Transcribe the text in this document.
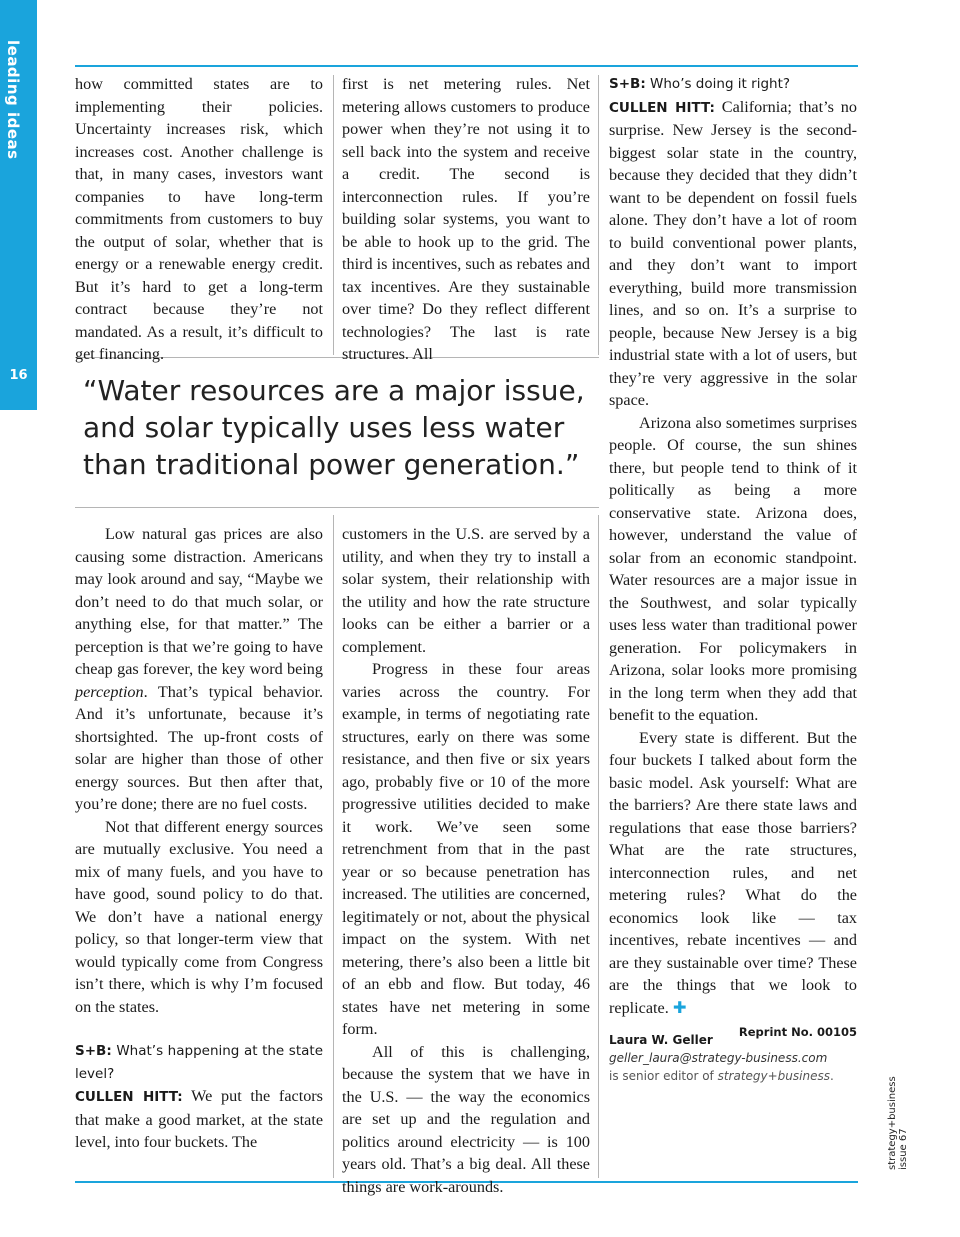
leading ideas
16

how committed states are to implementing their policies. Uncertainty increases risk, which increases cost. Another challenge is that, in many cases, investors want companies to have long-term commitments from customers to buy the output of solar, whether that is energy or a renewable energy credit. But it’s hard to get a long-term contract because they’re not mandated. As a result, it’s difficult to get financing.

first is net metering rules. Net metering allows customers to produce power when they’re not using it to sell back into the system and receive a credit. The second is interconnection rules. If you’re building solar systems, you want to be able to hook up to the grid. The third is incentives, such as rebates and tax incentives. Are they sustainable over time? Do they reflect different technologies? The last is rate structures. All

“Water resources are a major issue, and solar typically uses less water than traditional power generation.”

Low natural gas prices are also causing some distraction. Americans may look around and say, “Maybe we don’t need to do that much solar, or anything else, for that matter.” The perception is that we’re going to have cheap gas forever, the key word being perception. That’s typical behavior. And it’s unfortunate, because it’s shortsighted. The up-front costs of solar are higher than those of other energy sources. But then after that, you’re done; there are no fuel costs.

Not that different energy sources are mutually exclusive. You need a mix of many fuels, and you have to have good, sound policy to do that. We don’t have a national energy policy, so that longer-term view that would typically come from Congress isn’t there, which is why I’m focused on the states.

S+B: What’s happening at the state level?

CULLEN HITT: We put the factors that make a good market, at the state level, into four buckets. The

customers in the U.S. are served by a utility, and when they try to install a solar system, their relationship with the utility and how the rate structure looks can be either a barrier or a complement.

Progress in these four areas varies across the country. For example, in terms of negotiating rate structures, early on there was some resistance, and then five or six years ago, probably five or 10 of the more progressive utilities decided to make it work. We’ve seen some retrenchment from that in the past year or so because penetration has increased. The utilities are concerned, legitimately or not, about the physical impact on the system. With net metering, there’s also been a little bit of an ebb and flow. But today, 46 states have net metering in some form.

All of this is challenging, because the system that we have in the U.S. — the way the economics are set up and the regulation and politics around electricity — is 100 years old. That’s a big deal. All these things are work-arounds.

S+B: Who’s doing it right?

CULLEN HITT: California; that’s no surprise. New Jersey is the second-biggest solar state in the country, because they decided that they didn’t want to be dependent on fossil fuels alone. They don’t have a lot of room to build conventional power plants, and they don’t want to import everything, build more transmission lines, and so on. It’s a surprise to people, because New Jersey is a big industrial state with a lot of users, but they’re very aggressive in the solar space.

Arizona also sometimes surprises people. Of course, the sun shines there, but people tend to think of it politically as being a more conservative state. Arizona does, however, understand the value of solar from an economic standpoint. Water resources are a major issue in the Southwest, and solar typically uses less water than traditional power generation. For policymakers in Arizona, solar looks more promising in the long term when they add that benefit to the equation.

Every state is different. But the four buckets I talked about form the basic model. Ask yourself: What are the barriers? Are there state laws and regulations that ease those barriers? What are the rate structures, interconnection rules, and net metering rules? What do the economics look like — tax incentives, rebate incentives — and are they sustainable over time? These are the things that we look to replicate. ✚

Reprint No. 00105
Laura W. Geller
geller_laura@strategy-business.com
is senior editor of strategy+business.
strategy+business issue 67
